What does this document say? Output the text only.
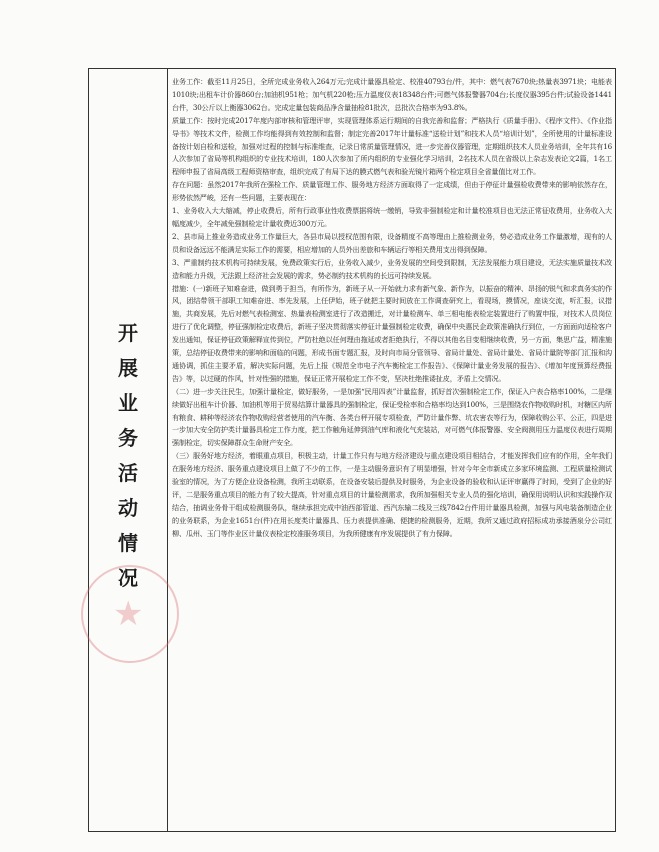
开
展
业
务
活
动
情
况
★

业务工作：截至11月25日，全所完成业务收入264万元;完成计量器具检定、校准40793台/件，其中：燃气表7670块;热量表3971块；电能表1010块;出租车计价器860台;加油机951枪；加气机220枪;压力温度仪表18348台件;可燃气体报警器704台;长度仪器395台件;试验设备1441台件，30公斤以上衡器3062台。完成定量包装商品净含量抽检81批次，总批次合格率为93.8%。

质量工作：按时完成2017年度内部审核和管理评审，实现管理体系运行期间的自我完善和监督；严格执行《质量手册》、《程序文件》、《作业指导书》等技术文件，检测工作均能得到有效控制和监督；制定完善2017年计量标准“送检计划”和技术人员“培训计划”，全所使用的计量标准设备按计划自检和送检，加强对过程的控制与标准维查，记录日常质量管理情况，进一步完善仪器管理，定期组织技术人员业务培训，全年共有16人次参加了省局等机构组织的专业技术培训，180人次参加了所内组织的专业强化学习培训，2名技术人员在省级以上杂志发表论文2篇，1名工程师申报了省局高级工程师资格审查，组织完成了有局下达的膜式燃气表和验光镜片箱两个检定项目全省量值比对工作。

存在问题：虽然2017年我所在强检工作、质量管理工作、服务地方经济方面取得了一定成绩，但由于停征计量强检收费带来的影响依然存在，形势依然严峻，还有一些问题，主要表现在：

1、业务收入大大缩减，停止收费后，所有行政事业性收费票据将统一缴销，导致非强制检定和计量校准项目也无法正常征收费用，业务收入大幅度减少，全年减免强制检定计量收费近300万元。

2、县市局上推业务造成业务工作量巨大，各县市局以授权范围有限，设备精度不高等理由上推检测业务，势必造成业务工作量激增，现有的人员和设备远远不能满足实际工作的需要，相应增加的人员外出差旅和车辆运行等相关费用支出得到保障。

3、严重制约技术机构可持续发展，免费政策实行后，业务收入减少，业务发展的空间受到限制，无法发展能力项目建设，无法实施质量技术改造和能力升级，无法跟上经济社会发展的需求，势必制约技术机构的长远可持续发展。

措施：(一)新班子知难奋进，做到勇于担当，有所作为，新班子从一开始就力求有新气象、新作为，以振奋的精神、昂扬的锐气和求真务实的作风，团结带领干部职工知难奋进、率先发展，上任伊始，班子就把主要时间放在工作调查研究上，看现场，摸情况，座谈交流，听汇报，议措施，共商发展，先后对燃气表检测室、热量表检测室进行了改造搬迁，对计量检测车、单三相电能表检定装置进行了购置申报，对技术人员岗位进行了优化调整，停征强制检定收费后，新班子坚决贯彻落实停征计量强制检定收费，确保中央惠民企政策准确执行到位，一方面面向适检客户发出通知，保证停征政策解释宣传到位，严防杜绝以任何理由拖延或者拒绝执行，不得以其他名目变相继续收费，另一方面，集思广益，精准施策，总结停征收费带来的影响和面临的问题，形成书面专题汇报，及时向市局分管领导、省局计量处、省局计量处、省局计量院等部门汇报和沟通协调，抓住主要矛盾，解决实际问题，先后上报《规范全市电子汽车衡检定工作报告》、《保障计量业务发展的报告》、《增加年度预算经费报告》等，以过硬的作风，针对性强的措施，保证正常开展检定工作不变，坚决杜绝推诿扯皮，矛盾上交情况。

（二）进一步关注民生，加强计量检定，做好服务，一是加强“民用四表”计量监督，抓好首次强制检定工作，保证入户表合格率100%，二是继续做好出租车计价器、加油机等用于贸易结算计量器具的强制检定，保证受检率和合格率均达到100%，三是围绕农作物收购时机，对糖区内所有粮食、耕种等经济农作物收购经营者使用的汽车衡、各类台秤开展专项检查，严防计量作弊、坑农害农等行为，保障收购公平、公正，四是进一步加大安全防护类计量器具检定工作力度，把工作触角延伸到油气库和液化气充装站，对可燃气体报警器、安全阀测用压力温度仪表进行周期强制检定，切实保障群众生命财产安全。

（三）服务好地方经济，着眼重点项目，积极主动，计量工作只有与地方经济建设与重点建设项目相结合，才能发挥我们应有的作用，全年我们在服务地方经济、服务重点建设项目上做了不少的工作，一是主动服务意识有了明显增强，针对今年全市新成立多家环境监测、工程质量检测试验室的情况，为了方便企业设备检测，我所主动联系，在设备安装后提供及时服务，为企业设备的验收和认证评审赢得了时间，受到了企业的好评，二是服务重点项目的能力有了较大提高，针对重点项目的计量检测需求，我所加强相关专业人员的强化培训，确保用说明认识和实践操作双结合，抽调业务骨干组成检测服务队，继续承担完成中油西部管道、西汽东输二线及三线7842台件用计量器具检测，加强与风电装备制造企业的业务联系，为企业1651台(件)在用长度类计量器具、压力表提供准确、便捷的检测服务，近期，我所又通过政府招标成功承接酒泉分公司红柳、瓜州、玉门等作业区计量仪表检定校准服务项目，为我所健康有序发展提供了有力保障。
